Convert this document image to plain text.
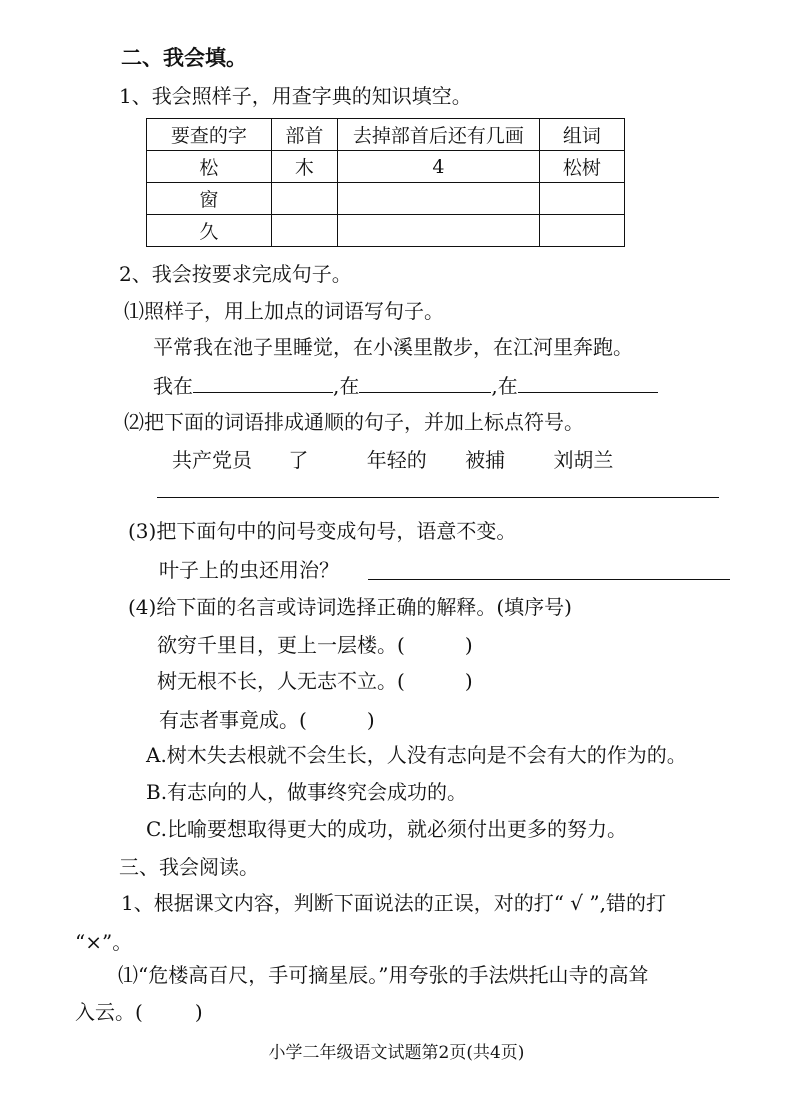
二、我会填。
1、我会照样子，用查字典的知识填空。
要查的字	部首	去掉部首后还有几画	组词
松	木	4	松树
窗			
久			
2、我会按要求完成句子。
⑴照样子，用上加点的词语写句子。
平常我在池子里睡觉，在小溪里散步，在江河里奔跑。
我在	,在	,在
⑵把下面的词语排成通顺的句子，并加上标点符号。
共产党员 了	年轻的 被捕 刘胡兰
(3)把下面句中的问号变成句号，语意不变。
叶子上的虫还用治？
(4)给下面的名言或诗词选择正确的解释。(填序号)
欲穷千里目，更上一层楼。(	)
树无根不长，人无志不立。(	)
有志者事竟成。(	)
A.树木失去根就不会生长，人没有志向是不会有大的作为的。
B.有志向的人，做事终究会成功的。
C.比喻要想取得更大的成功，就必须付出更多的努力。
三、我会阅读。
1、根据课文内容，判断下面说法的正误，对的打“ √ ”,错的打
“×”。
⑴“危楼高百尺，手可摘星辰。”用夸张的手法烘托山寺的高耸
入云。(	)
小学二年级语文试题第2页(共4页)
